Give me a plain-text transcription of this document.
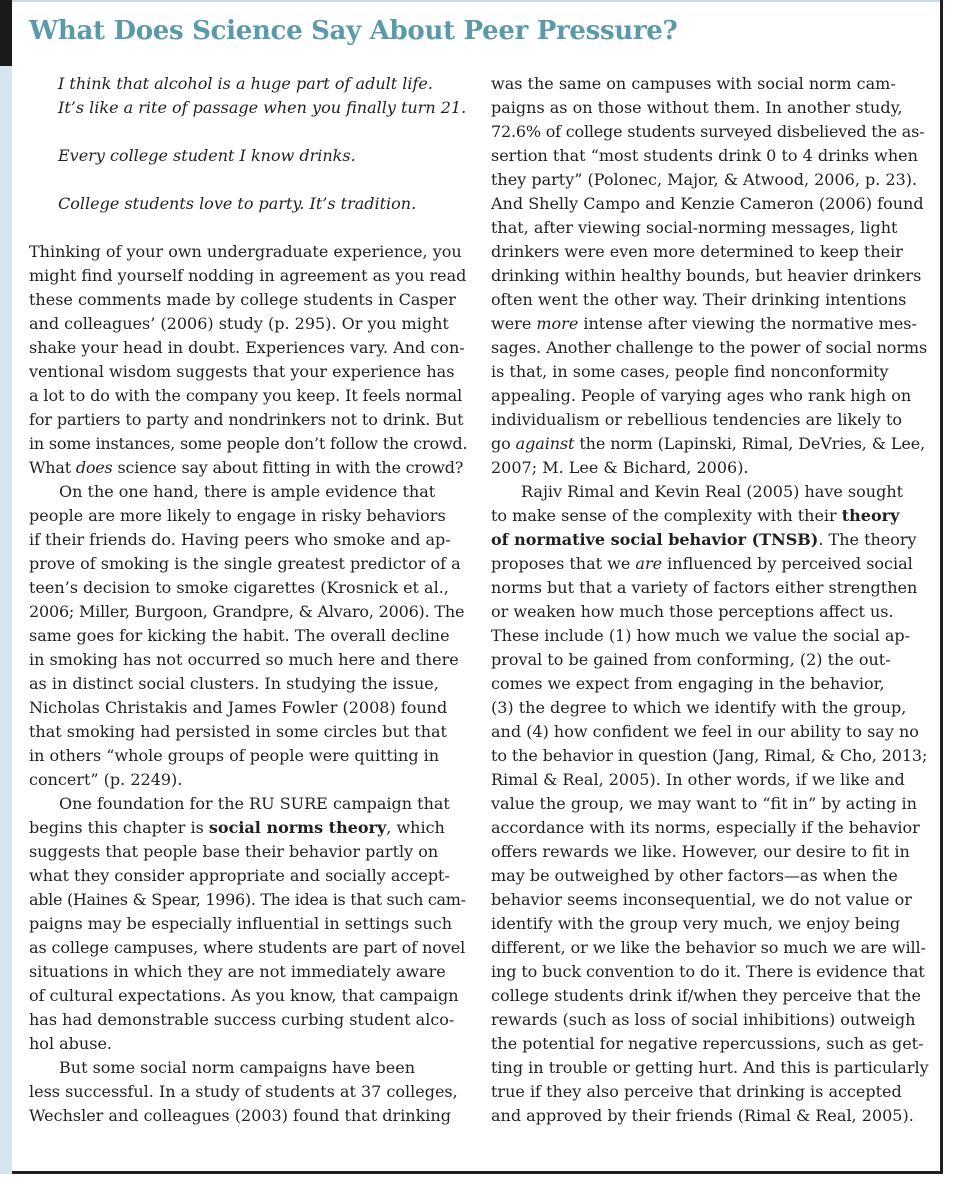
What Does Science Say About Peer Pressure?
I think that alcohol is a huge part of adult life.
It’s like a rite of passage when you finally turn 21.
Every college student I know drinks.
College students love to party. It’s tradition.
Thinking of your own undergraduate experience, you
might find yourself nodding in agreement as you read
these comments made by college students in Casper
and colleagues’ (2006) study (p. 295). Or you might
shake your head in doubt. Experiences vary. And con-
ventional wisdom suggests that your experience has
a lot to do with the company you keep. It feels normal
for partiers to party and nondrinkers not to drink. But
in some instances, some people don’t follow the crowd.
What does science say about fitting in with the crowd?
On the one hand, there is ample evidence that
people are more likely to engage in risky behaviors
if their friends do. Having peers who smoke and ap-
prove of smoking is the single greatest predictor of a
teen’s decision to smoke cigarettes (Krosnick et al.,
2006; Miller, Burgoon, Grandpre, & Alvaro, 2006). The
same goes for kicking the habit. The overall decline
in smoking has not occurred so much here and there
as in distinct social clusters. In studying the issue,
Nicholas Christakis and James Fowler (2008) found
that smoking had persisted in some circles but that
in others “whole groups of people were quitting in
concert” (p. 2249).
One foundation for the RU SURE campaign that
begins this chapter is social norms theory, which
suggests that people base their behavior partly on
what they consider appropriate and socially accept-
able (Haines & Spear, 1996). The idea is that such cam-
paigns may be especially influential in settings such
as college campuses, where students are part of novel
situations in which they are not immediately aware
of cultural expectations. As you know, that campaign
has had demonstrable success curbing student alco-
hol abuse.
But some social norm campaigns have been
less successful. In a study of students at 37 colleges,
Wechsler and colleagues (2003) found that drinking
was the same on campuses with social norm cam-
paigns as on those without them. In another study,
72.6% of college students surveyed disbelieved the as-
sertion that “most students drink 0 to 4 drinks when
they party” (Polonec, Major, & Atwood, 2006, p. 23).
And Shelly Campo and Kenzie Cameron (2006) found
that, after viewing social-norming messages, light
drinkers were even more determined to keep their
drinking within healthy bounds, but heavier drinkers
often went the other way. Their drinking intentions
were more intense after viewing the normative mes-
sages. Another challenge to the power of social norms
is that, in some cases, people find nonconformity
appealing. People of varying ages who rank high on
individualism or rebellious tendencies are likely to
go against the norm (Lapinski, Rimal, DeVries, & Lee,
2007; M. Lee & Bichard, 2006).
Rajiv Rimal and Kevin Real (2005) have sought
to make sense of the complexity with their theory
of normative social behavior (TNSB). The theory
proposes that we are influenced by perceived social
norms but that a variety of factors either strengthen
or weaken how much those perceptions affect us.
These include (1) how much we value the social ap-
proval to be gained from conforming, (2) the out-
comes we expect from engaging in the behavior,
(3) the degree to which we identify with the group,
and (4) how confident we feel in our ability to say no
to the behavior in question (Jang, Rimal, & Cho, 2013;
Rimal & Real, 2005). In other words, if we like and
value the group, we may want to “fit in” by acting in
accordance with its norms, especially if the behavior
offers rewards we like. However, our desire to fit in
may be outweighed by other factors—as when the
behavior seems inconsequential, we do not value or
identify with the group very much, we enjoy being
different, or we like the behavior so much we are will-
ing to buck convention to do it. There is evidence that
college students drink if/when they perceive that the
rewards (such as loss of social inhibitions) outweigh
the potential for negative repercussions, such as get-
ting in trouble or getting hurt. And this is particularly
true if they also perceive that drinking is accepted
and approved by their friends (Rimal & Real, 2005).
